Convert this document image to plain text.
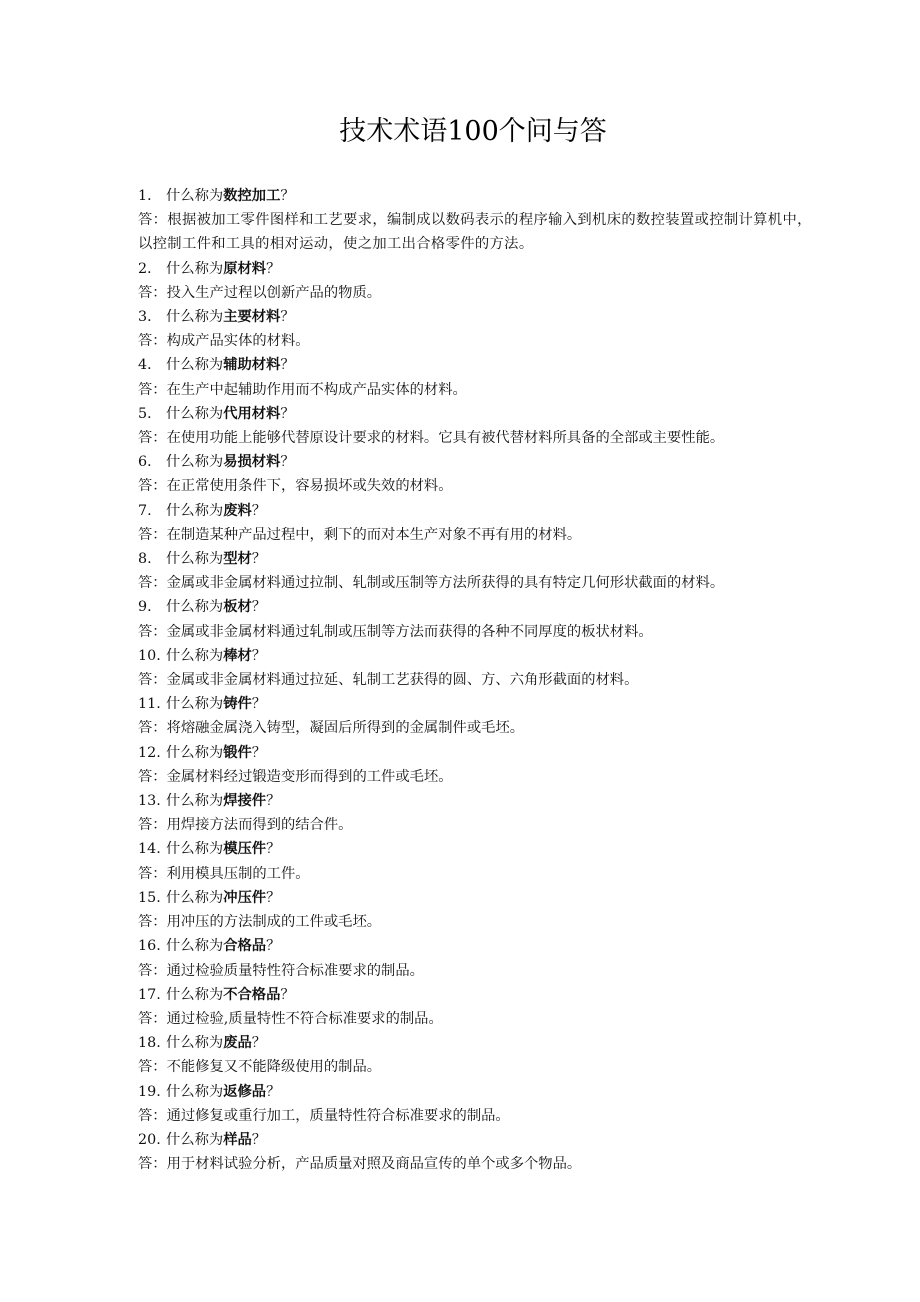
技术术语100个问与答

1． 什么称为数控加工？

答：根据被加工零件图样和工艺要求，编制成以数码表示的程序输入到机床的数控装置或控制计算机中，以控制工件和工具的相对运动，使之加工出合格零件的方法。

2． 什么称为原材料？

答：投入生产过程以创新产品的物质。

3． 什么称为主要材料？

答：构成产品实体的材料。

4． 什么称为辅助材料？

答：在生产中起辅助作用而不构成产品实体的材料。

5． 什么称为代用材料？

答：在使用功能上能够代替原设计要求的材料。它具有被代替材料所具备的全部或主要性能。

6． 什么称为易损材料？

答：在正常使用条件下，容易损坏或失效的材料。

7. 什么称为废料？

答：在制造某种产品过程中，剩下的而对本生产对象不再有用的材料。

8. 什么称为型材？

答：金属或非金属材料通过拉制、轧制或压制等方法所获得的具有特定几何形状截面的材料。

9. 什么称为板材？

答：金属或非金属材料通过轧制或压制等方法而获得的各种不同厚度的板状材料。

10. 什么称为棒材？

答：金属或非金属材料通过拉延、轧制工艺获得的圆、方、六角形截面的材料。

11. 什么称为铸件？

答：将熔融金属浇入铸型，凝固后所得到的金属制件或毛坯。

12. 什么称为锻件？

答：金属材料经过锻造变形而得到的工件或毛坯。

13. 什么称为焊接件？

答：用焊接方法而得到的结合件。

14. 什么称为模压件？

答：利用模具压制的工件。

15. 什么称为冲压件？

答：用冲压的方法制成的工件或毛坯。

16. 什么称为合格品？

答：通过检验质量特性符合标准要求的制品。

17. 什么称为不合格品？

答：通过检验,质量特性不符合标准要求的制品。

18. 什么称为废品？

答：不能修复又不能降级使用的制品。

19. 什么称为返修品？

答：通过修复或重行加工，质量特性符合标准要求的制品。

20. 什么称为样品？

答：用于材料试验分析，产品质量对照及商品宣传的单个或多个物品。
